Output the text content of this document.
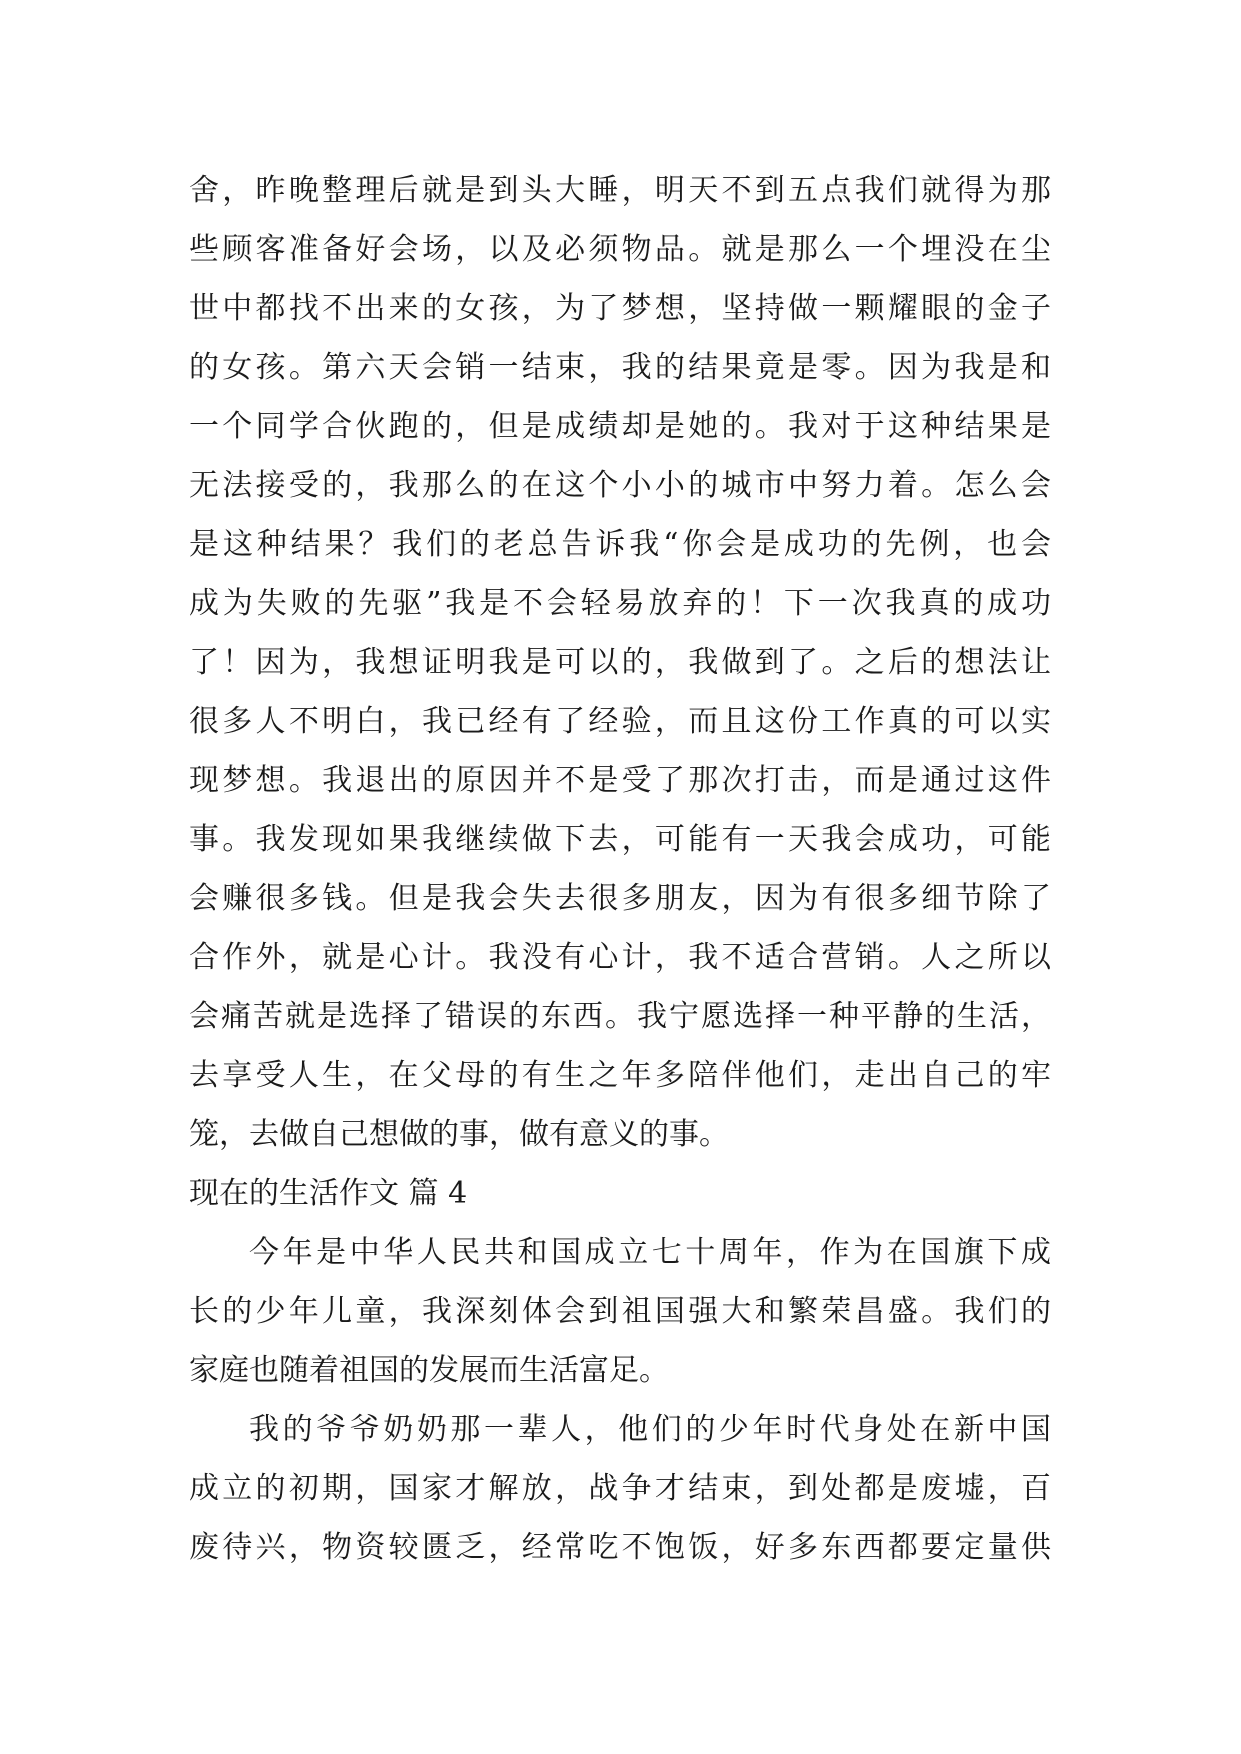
舍，昨晚整理后就是到头大睡，明天不到五点我们就得为那
些顾客准备好会场，以及必须物品。就是那么一个埋没在尘
世中都找不出来的女孩，为了梦想，坚持做一颗耀眼的金子
的女孩。第六天会销一结束，我的结果竟是零。因为我是和
一个同学合伙跑的，但是成绩却是她的。我对于这种结果是
无法接受的，我那么的在这个小小的城市中努力着。怎么会
是这种结果？我们的老总告诉我“你会是成功的先例，也会
成为失败的先驱”我是不会轻易放弃的！下一次我真的成功
了！因为，我想证明我是可以的，我做到了。之后的想法让
很多人不明白，我已经有了经验，而且这份工作真的可以实
现梦想。我退出的原因并不是受了那次打击，而是通过这件
事。我发现如果我继续做下去，可能有一天我会成功，可能
会赚很多钱。但是我会失去很多朋友，因为有很多细节除了
合作外，就是心计。我没有心计，我不适合营销。人之所以
会痛苦就是选择了错误的东西。我宁愿选择一种平静的生活，
去享受人生，在父母的有生之年多陪伴他们，走出自己的牢
笼，去做自己想做的事，做有意义的事。
现在的生活作文 篇 4
今年是中华人民共和国成立七十周年，作为在国旗下成
长的少年儿童，我深刻体会到祖国强大和繁荣昌盛。我们的
家庭也随着祖国的发展而生活富足。
我的爷爷奶奶那一辈人，他们的少年时代身处在新中国
成立的初期，国家才解放，战争才结束，到处都是废墟，百
废待兴，物资较匮乏，经常吃不饱饭，好多东西都要定量供
